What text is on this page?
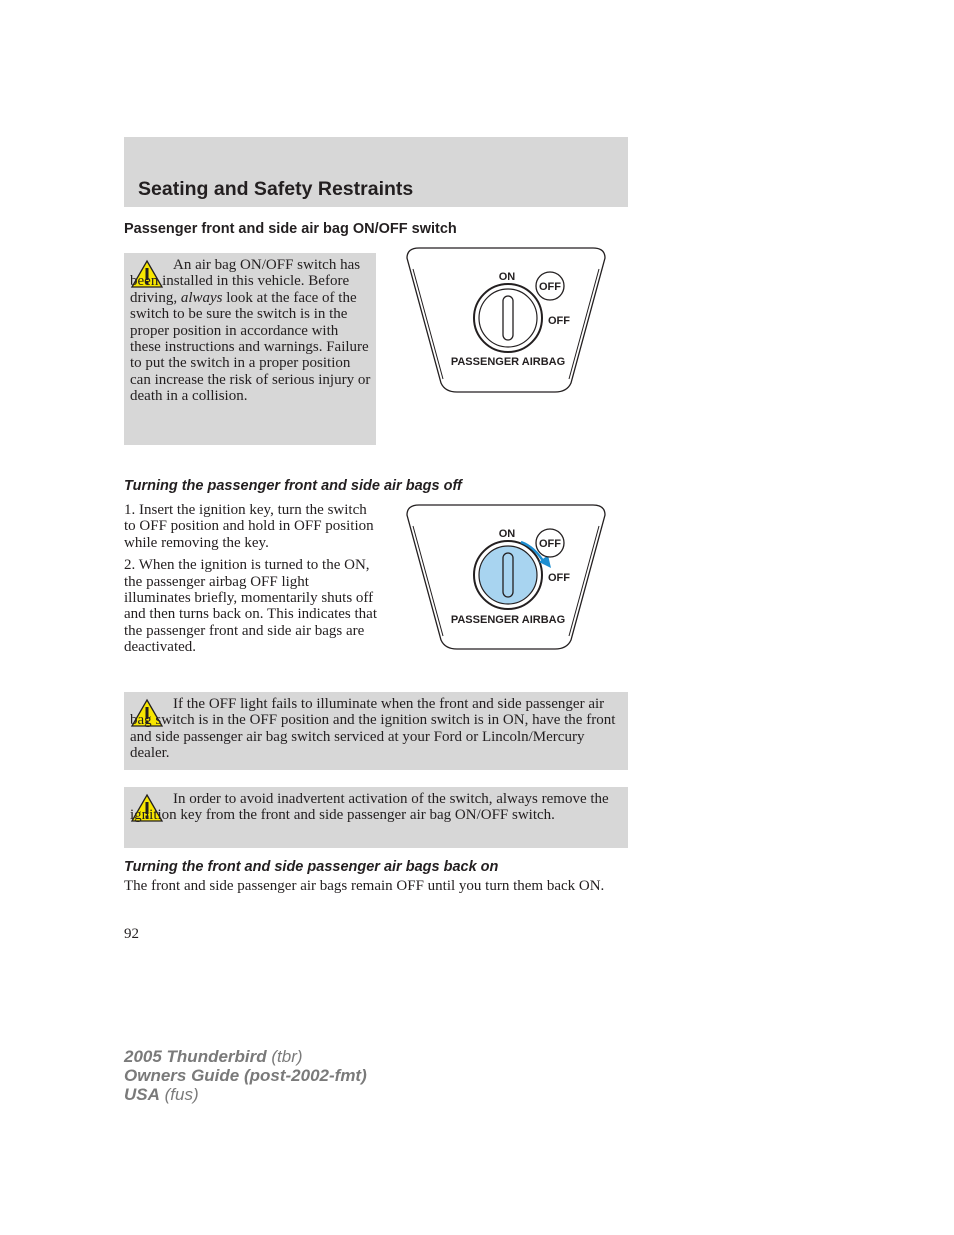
Seating and Safety Restraints
Passenger front and side air bag ON/OFF switch
An air bag ON/OFF switch has been installed in this vehicle. Before driving, always look at the face of the switch to be sure the switch is in the proper position in accordance with these instructions and warnings. Failure to put the switch in a proper position can increase the risk of serious injury or death in a collision.
ON
OFF
OFF
PASSENGER AIRBAG
Turning the passenger front and side air bags off

1. Insert the ignition key, turn the switch to OFF position and hold in OFF position while removing the key.

2. When the ignition is turned to the ON, the passenger airbag OFF light illuminates briefly, momentarily shuts off and then turns back on. This indicates that the passenger front and side air bags are deactivated.

ON
OFF
OFF
PASSENGER AIRBAG
If the OFF light fails to illuminate when the front and side passenger air bag switch is in the OFF position and the ignition switch is in ON, have the front and side passenger air bag switch serviced at your Ford or Lincoln/Mercury dealer.
In order to avoid inadvertent activation of the switch, always remove the ignition key from the front and side passenger air bag ON/OFF switch.
Turning the front and side passenger air bags back on
The front and side passenger air bags remain OFF until you turn them back ON.
92
2005 Thunderbird (tbr)
Owners Guide (post-2002-fmt)
USA (fus)
